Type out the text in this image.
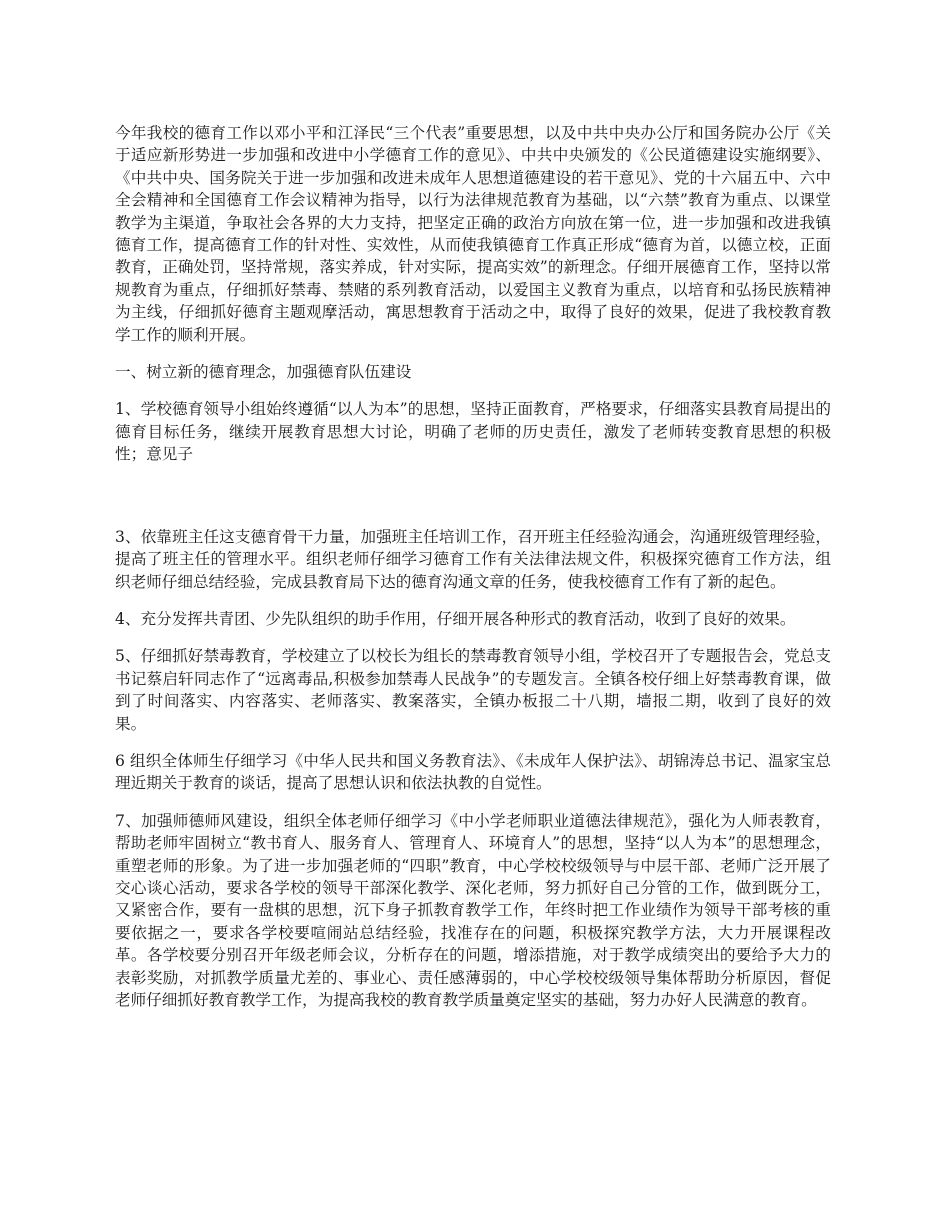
今年我校的德育工作以邓小平和江泽民“三个代表”重要思想，以及中共中央办公厅和国务院办公厅《关于适应新形势进一步加强和改进中小学德育工作的意见》、中共中央颁发的《公民道德建设实施纲要》、《中共中央、国务院关于进一步加强和改进未成年人思想道德建设的若干意见》、党的十六届五中、六中全会精神和全国德育工作会议精神为指导，以行为法律规范教育为基础，以“六禁”教育为重点、以课堂教学为主渠道，争取社会各界的大力支持，把坚定正确的政治方向放在第一位，进一步加强和改进我镇德育工作，提高德育工作的针对性、实效性，从而使我镇德育工作真正形成“德育为首，以德立校，正面教育，正确处罚，坚持常规，落实养成，针对实际，提高实效”的新理念。仔细开展德育工作，坚持以常规教育为重点，仔细抓好禁毒、禁赌的系列教育活动，以爱国主义教育为重点，以培育和弘扬民族精神为主线，仔细抓好德育主题观摩活动，寓思想教育于活动之中，取得了良好的效果，促进了我校教育教学工作的顺利开展。

一、树立新的德育理念，加强德育队伍建设

1、学校德育领导小组始终遵循“以人为本”的思想，坚持正面教育，严格要求，仔细落实县教育局提出的德育目标任务，继续开展教育思想大讨论，明确了老师的历史责任，激发了老师转变教育思想的积极性；意见子

3、依靠班主任这支德育骨干力量，加强班主任培训工作，召开班主任经验沟通会，沟通班级管理经验，提高了班主任的管理水平。组织老师仔细学习德育工作有关法律法规文件，积极探究德育工作方法，组织老师仔细总结经验，完成县教育局下达的德育沟通文章的任务，使我校德育工作有了新的起色。

4、充分发挥共青团、少先队组织的助手作用，仔细开展各种形式的教育活动，收到了良好的效果。

5、仔细抓好禁毒教育，学校建立了以校长为组长的禁毒教育领导小组，学校召开了专题报告会，党总支书记蔡启轩同志作了“远离毒品,积极参加禁毒人民战争”的专题发言。全镇各校仔细上好禁毒教育课，做到了时间落实、内容落实、老师落实、教案落实，全镇办板报二十八期，墙报二期，收到了良好的效果。

6 组织全体师生仔细学习《中华人民共和国义务教育法》、《未成年人保护法》、胡锦涛总书记、温家宝总理近期关于教育的谈话，提高了思想认识和依法执教的自觉性。

7、加强师德师风建设，组织全体老师仔细学习《中小学老师职业道德法律规范》，强化为人师表教育，帮助老师牢固树立“教书育人、服务育人、管理育人、环境育人”的思想，坚持“以人为本”的思想理念，重塑老师的形象。为了进一步加强老师的“四职”教育，中心学校校级领导与中层干部、老师广泛开展了交心谈心活动，要求各学校的领导干部深化教学、深化老师，努力抓好自己分管的工作，做到既分工，又紧密合作，要有一盘棋的思想，沉下身子抓教育教学工作，年终时把工作业绩作为领导干部考核的重要依据之一，要求各学校要喧闹站总结经验，找准存在的问题，积极探究教学方法，大力开展课程改革。各学校要分别召开年级老师会议，分析存在的问题，增添措施，对于教学成绩突出的要给予大力的表彰奖励，对抓教学质量尤差的、事业心、责任感薄弱的，中心学校校级领导集体帮助分析原因，督促老师仔细抓好教育教学工作，为提高我校的教育教学质量奠定坚实的基础，努力办好人民满意的教育。
